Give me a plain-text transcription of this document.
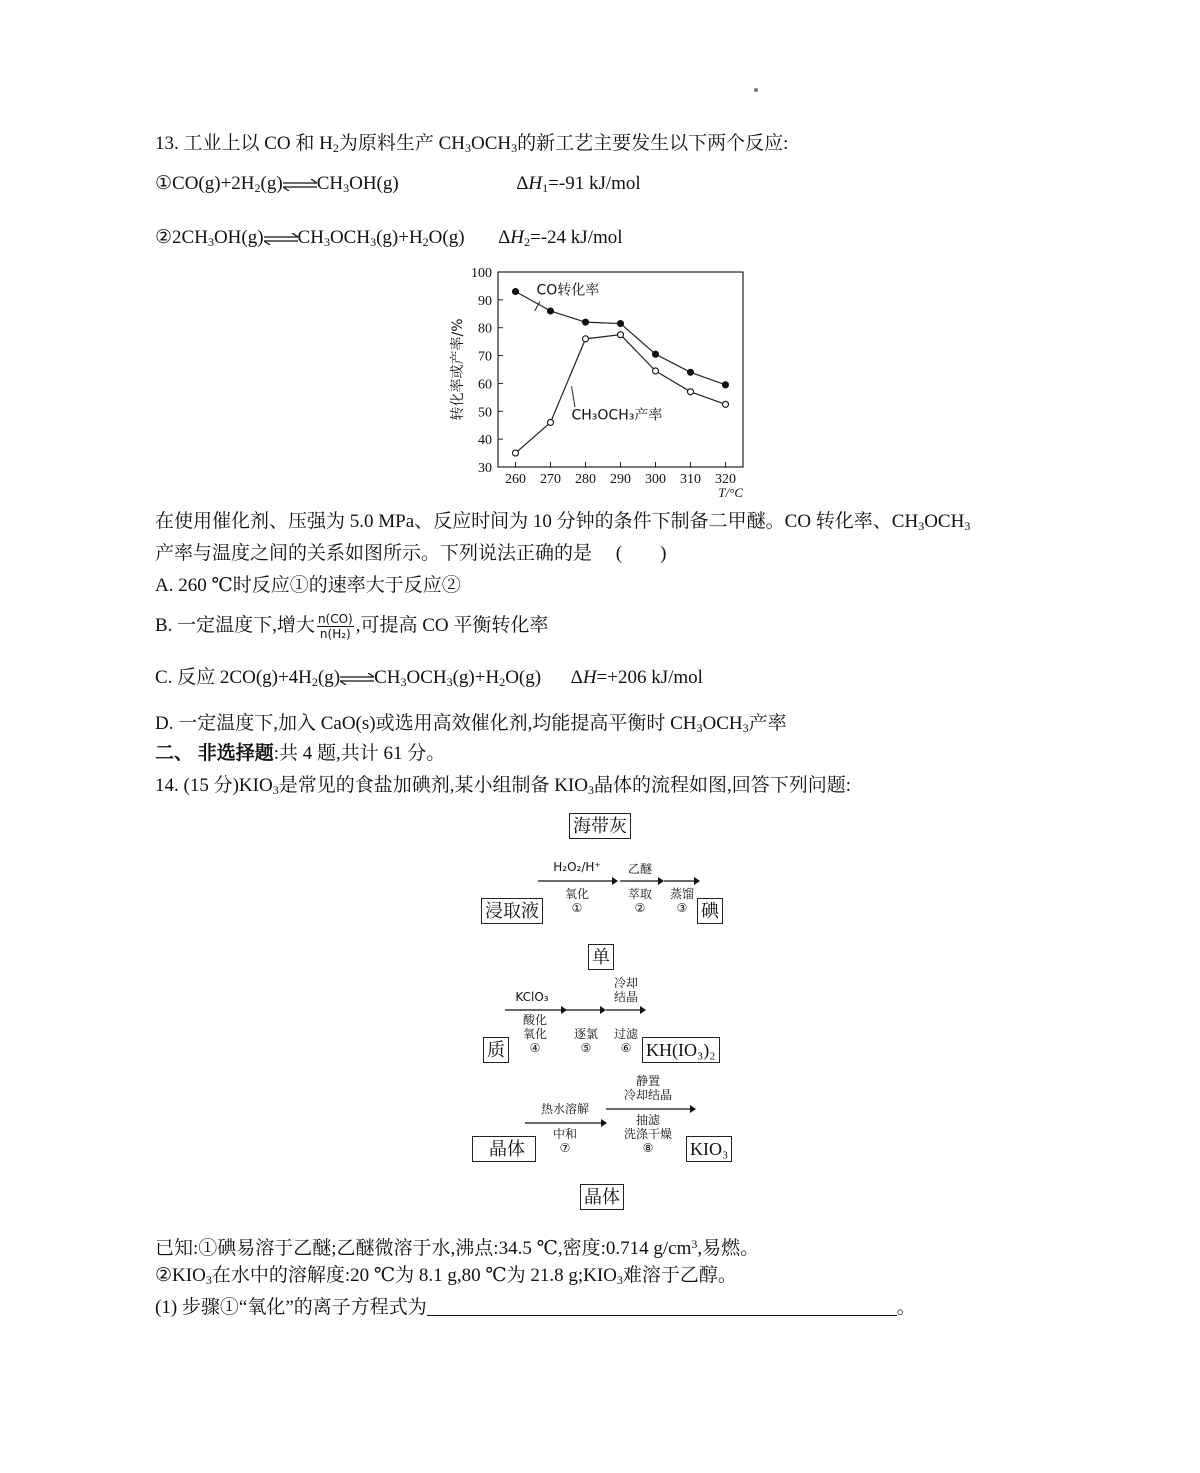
13. 工业上以 CO 和 $H_2$为原料生产 $CH_3OCH_3$的新工艺主要发生以下两个反应:
$①CO(g)+2H_2(g)\rightleftharpoons CH_3OH(g)$	$\Delta H_1=-91$ kJ/mol
$②2CH_3OH(g)\rightleftharpoons CH_3OCH_3(g)+H_2O(g)$ $\Delta H_2=-24$ kJ/mol
30
40
50
60
70
80
90
100
260 270 280 290 300 310 320
T/°C
转化率或产率/%
CO转化率
CH₃OCH₃产率
在使用催化剂、压强为 5.0 MPa、反应时间为 10 分钟的条件下制备二甲醚。CO 转化率、$CH_3OCH_3$
产率与温度之间的关系如图所示。下列说法正确的是 　(　　)
A. 260 ℃时反应①的速率大于反应②
B. 一定温度下,增大 $\frac{n(CO)}{\text{n(H₂)}}$ ,可提高 CO 平衡转化率
C. 反应 $2CO(g)+4H_2(g)\rightleftharpoons CH_3OCH_3(g)+H_2O(g)$ ΔH=+206 kJ/mol
D. 一定温度下,加入 CaO(s)或选用高效催化剂,均能提高平衡时 $CH_3OCH_3$产率
二、 非选择题:共 4 题,共计 61 分。
14. (15 分)$KIO_3$是常见的食盐加碘剂,某小组制备 $KIO_3$晶体的流程如图,回答下列问题:
海带灰
浸取液
H₂O₂/H⁺
氧化
①
乙醚
萃取
②
蒸馏
③ 碘
单
KClO₃
酸化
氧化
④
质
逐氯
⑤
冷却
结晶
过滤
⑥ KH(IO₃)₂
热水溶解
中和
⑦
晶体
静置
冷却结晶
抽滤
洗涤干燥
⑧	KIO₃
晶体
已知:①碘易溶于乙醚;乙醚微溶于水,沸点:34.5 ℃,密度:0.714 $g/cm^3$,易燃。
$②KIO_3$在水中的溶解度:20 ℃为 8.1 g,80 ℃为 21.8 $g;KIO_3$难溶于乙醇。
(1) 步骤①“氧化”的离子方程式为	。
